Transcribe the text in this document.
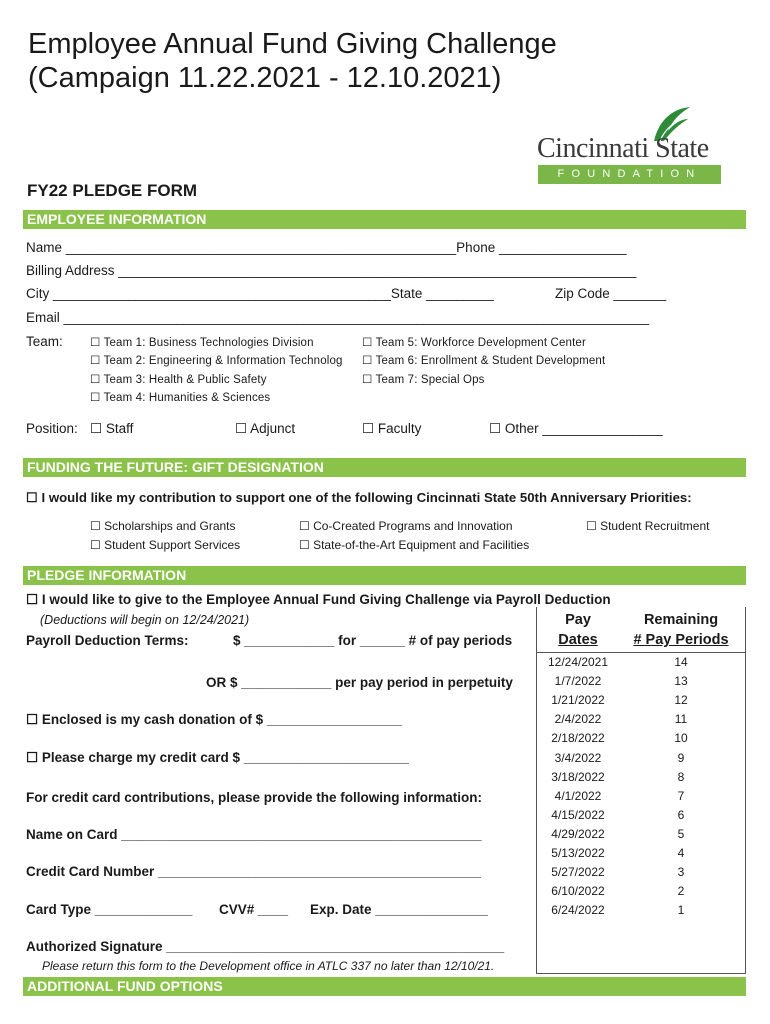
Employee Annual Fund Giving Challenge
(Campaign 11.22.2021 - 12.10.2021)
Cincinnati State
FOUNDATION
FY22 PLEDGE FORM
EMPLOYEE INFORMATION
Name ____________________________________________________Phone _________________
Billing Address _____________________________________________________________________
City _____________________________________________State _________	Zip Code _______
Email ______________________________________________________________________________
Team: ☐ Team 1: Business Technologies Division
☐ Team 2: Engineering & Information Technolog
☐ Team 3: Health & Public Safety
☐ Team 4: Humanities & Sciences
☐ Team 5: Workforce Development Center
☐ Team 6: Enrollment & Student Development
☐ Team 7: Special Ops
Position: ☐ Staff	☐ Adjunct	☐ Faculty	☐ Other ________________
FUNDING THE FUTURE: GIFT DESIGNATION
☐ I would like my contribution to support one of the following Cincinnati State 50th Anniversary Priorities:
☐ Scholarships and Grants
☐ Student Support Services
☐ Co-Created Programs and Innovation
☐ State-of-the-Art Equipment and Facilities
☐ Student Recruitment
PLEDGE INFORMATION
☐ I would like to give to the Employee Annual Fund Giving Challenge via Payroll Deduction
(Deductions will begin on 12/24/2021)
Payroll Deduction Terms:	$ ____________ for ______ # of pay periods
OR $ ____________ per pay period in perpetuity
☐ Enclosed is my cash donation of $ __________________
☐ Please charge my credit card $ ______________________
For credit card contributions, please provide the following information:
Name on Card ________________________________________________
Credit Card Number ___________________________________________
Card Type _____________ CVV# ____ Exp. Date _______________
Authorized Signature _____________________________________________
Please return this form to the Development office in ATLC 337 no later than 12/10/21.
Pay
Dates
Remaining
# Pay Periods
12/24/2021	14
1/7/2022	13
1/21/2022	12
2/4/2022	11
2/18/2022	10
3/4/2022	9
3/18/2022	8
4/1/2022	7
4/15/2022	6
4/29/2022	5
5/13/2022	4
5/27/2022	3
6/10/2022	2
6/24/2022	1
ADDITIONAL FUND OPTIONS
